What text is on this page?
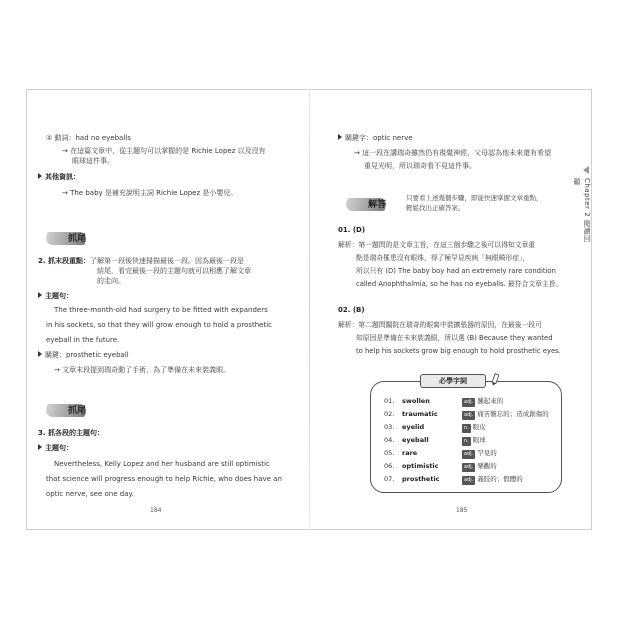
② 動詞：had no eyeballs
→ 在這篇文章中，從主題句可以掌握的是 Richie Lopez 以及沒有
眼球這件事。
其他資訊：
→ The baby 是補充說明主詞 Richie Lopez 是小嬰兒。
抓尾
2. 抓末段重點：了解第一段後快速掃描最後一段。因為最後一段是
結尾，看完最後一段的主題句就可以相應了解文章
的走向。
主題句：
The three-month-old had surgery to be fitted with expanders
in his sockets, so that they will grow enough to hold a prosthetic
eyeball in the future.
關鍵：prosthetic eyeball
→ 文章末段提到瑞奇動了手術，為了準備在未來裝義眼。
抓尾
3. 抓各段的主題句：
主題句：
Nevertheless, Kelly Lopez and her husband are still optimistic
that science will progress enough to help Richie, who does have an
optic nerve, see one day.
184
關鍵字：optic nerve
→ 這一段在講瑞奇雖然仍有視覺神經，父母認為他未來還有希望
重見光明，所以瑞奇看不見這件事。
解答
只要看上述幾個步驟，即能快速掌握文章重點，
輕鬆找出正確答案。
01. (D)
解析：第一題問的是文章主旨，在這三個步驟之後可以得知文章重
點是瑞奇罹患沒有眼珠，得了極罕見疾病「無眼畸形症」，
所以只有 (D) The baby boy had an extremely rare condition
called Anophthalmia, so he has no eyeballs. 最符合文章主旨。
02. (B)
解析：第二題問醫院在瑞奇的眼窩中裝擴張器的原因，在最後一段可
知原因是準備在未來裝義眼，所以選 (B) Because they wanted
to help his sockets grow big enough to hold prosthetic eyes.
必學字詞
01. swollen	adj. 腫起來的
02. traumatic	adj. 痛苦難忘的；造成創傷的
03. eyelid	n. 眼皮
04. eyeball	n. 眼球
05. rare	adj. 罕見的
06. optimistic	adj. 樂觀的
07. prosthetic	adj. 義肢的；假體的
185
Chapter 2 閱讀回顧
